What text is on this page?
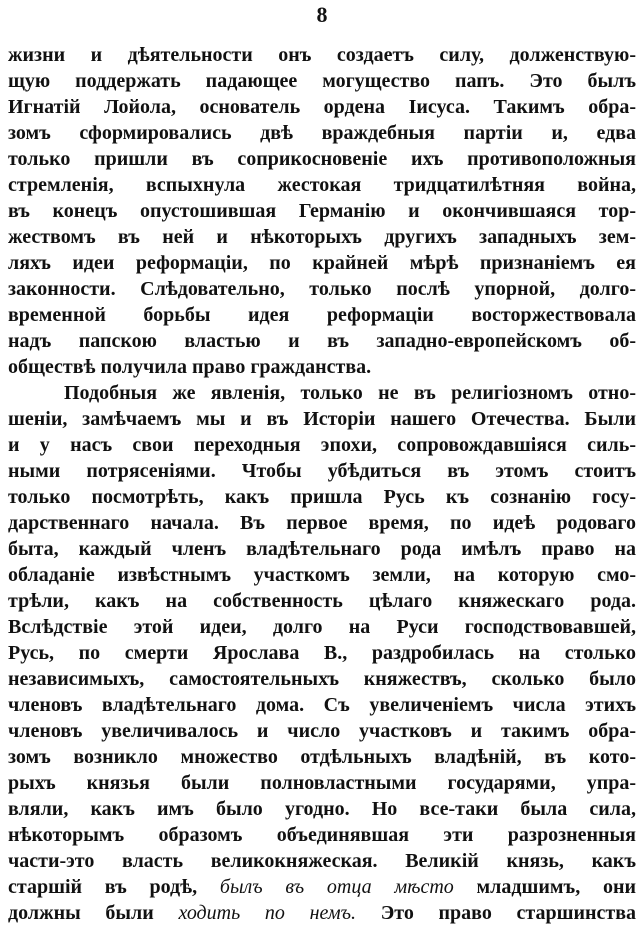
8
жизни и дѣятельности онъ создаетъ силу, долженствую-
щую поддержать падающее могущество папъ. Это былъ
Игнатій Лойола, основатель ордена Іисуса. Такимъ обра-
зомъ сформировались двѣ враждебныя партіи и, едва
только пришли въ соприкосновеніе ихъ противоположныя
стремленія, вспыхнула жестокая тридцатилѣтняя война,
въ конецъ опустошившая Германію и окончившаяся тор-
жествомъ въ ней и нѣкоторыхъ другихъ западныхъ зем-
ляхъ идеи реформаціи, по крайней мѣрѣ признаніемъ ея
законности. Слѣдовательно, только послѣ упорной, долго-
временной борьбы идея реформаціи восторжествовала
надъ папскою властью и въ западно-европейскомъ об-
обществѣ получила право гражданства.
Подобныя же явленія, только не въ религіозномъ отно-
шеніи, замѣчаемъ мы и въ Исторіи нашего Отечества. Были
и у насъ свои переходныя эпохи, сопровождавшіяся силь-
ными потрясеніями. Чтобы убѣдиться въ этомъ стоитъ
только посмотрѣть, какъ пришла Русь къ сознанію госу-
дарственнаго начала. Въ первое время, по идеѣ родоваго
быта, каждый членъ владѣтельнаго рода имѣлъ право на
обладаніе извѣстнымъ участкомъ земли, на которую смо-
трѣли, какъ на собственность цѣлаго княжескаго рода.
Вслѣдствіе этой идеи, долго на Руси господствовавшей,
Русь, по смерти Ярослава В., раздробилась на столько
независимыхъ, самостоятельныхъ княжествъ, сколько было
членовъ владѣтельнаго дома. Съ увеличеніемъ числа этихъ
членовъ увеличивалось и число участковъ и такимъ обра-
зомъ возникло множество отдѣльныхъ владѣній, въ кото-
рыхъ князья были полновластными государями, упра-
вляли, какъ имъ было угодно. Но все-таки была сила,
нѣкоторымъ образомъ объединявшая эти разрозненныя
части-это власть великокняжеская. Великій князь, какъ
старшій въ родѣ, былъ въ отца мѣсто младшимъ, они
должны были ходить по немъ. Это право старшинства
